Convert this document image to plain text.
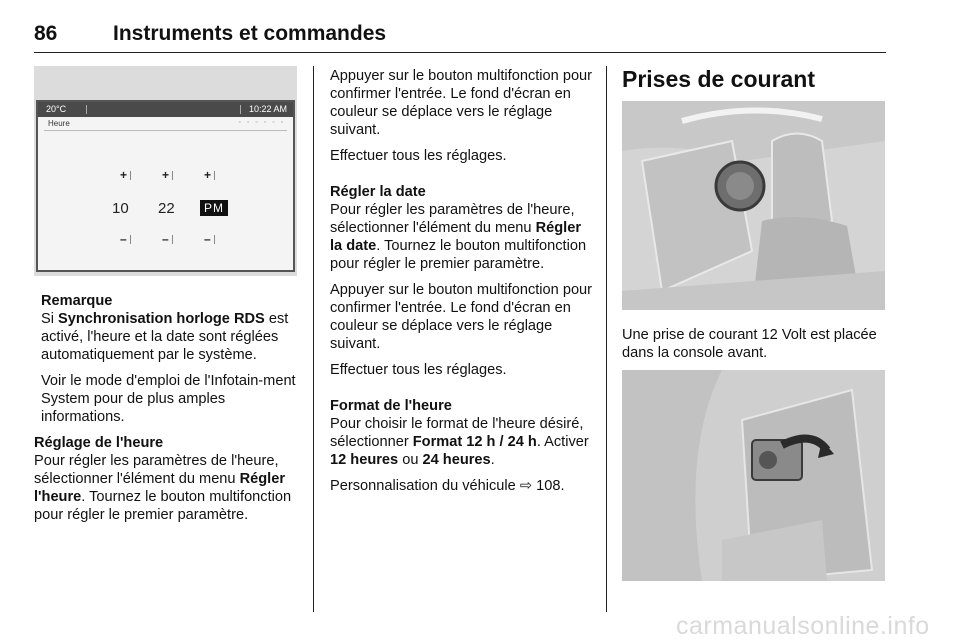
86	Instruments et commandes
20°C	10:22 AM
Heure	◦ ◦ ◦ ◦ ◦ ◦
+	+	+
10 22	PM
–	–	–

Remarque

Si Synchronisation horloge RDS est activé, l'heure et la date sont réglées automatiquement par le système.

Voir le mode d'emploi de l'Infotain‑ment System pour de plus amples informations.

Réglage de l'heure

Pour régler les paramètres de l'heure, sélectionner l'élément du menu Régler l'heure. Tournez le bouton multifonction pour régler le premier paramètre.

Appuyer sur le bouton multifonction pour confirmer l'entrée. Le fond d'écran en couleur se déplace vers le réglage suivant.

Effectuer tous les réglages.

Régler la date

Pour régler les paramètres de l'heure, sélectionner l'élément du menu Régler la date. Tournez le bouton multifonction pour régler le premier paramètre.

Appuyer sur le bouton multifonction pour confirmer l'entrée. Le fond d'écran en couleur se déplace vers le réglage suivant.

Effectuer tous les réglages.

Format de l'heure

Pour choisir le format de l'heure désiré, sélectionner Format 12 h / 24 h. Activer 12 heures ou 24 heures.

Personnalisation du véhicule ⇨ 108.

Prises de courant

Une prise de courant 12 Volt est placée dans la console avant.

carmanualsonline.info
